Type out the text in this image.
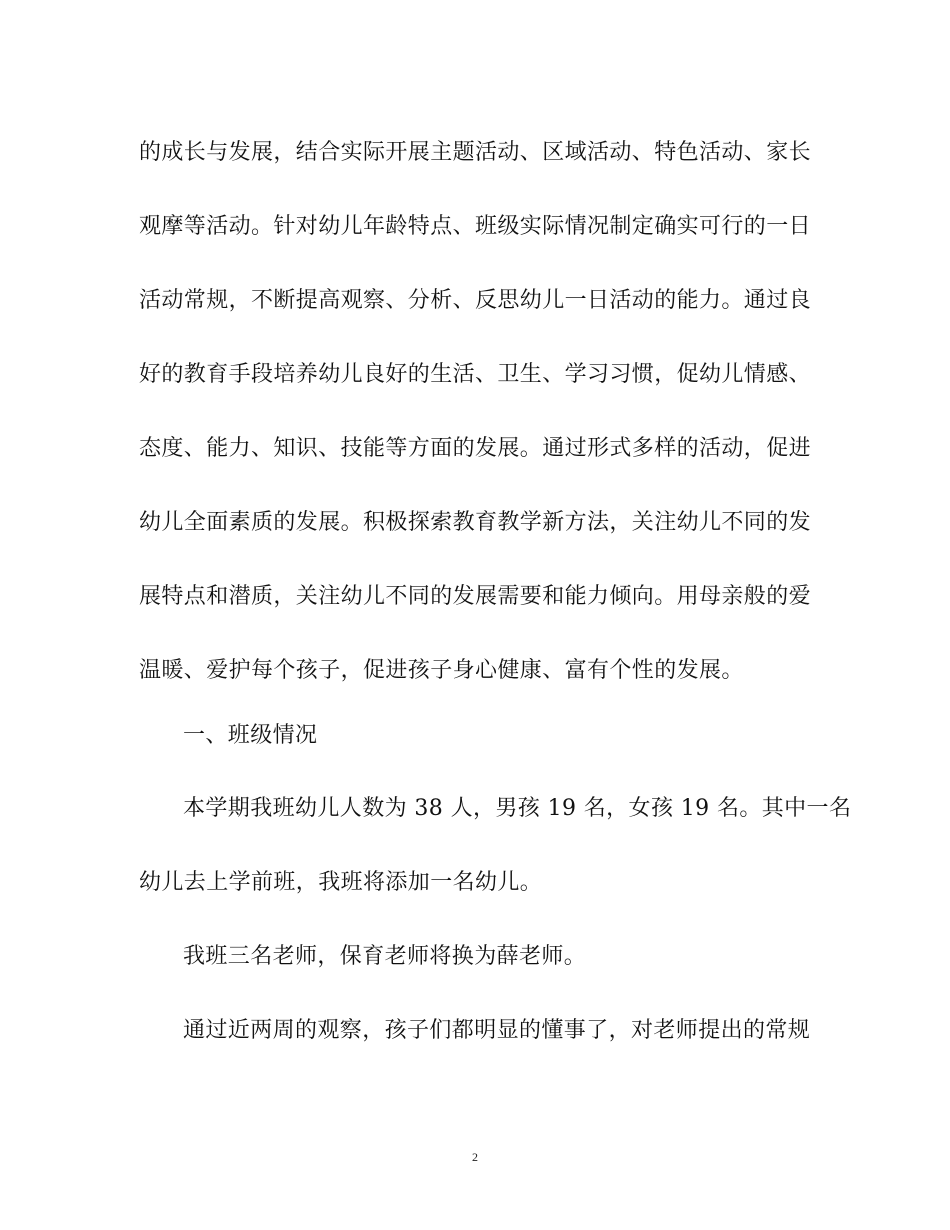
的成长与发展，结合实际开展主题活动、区域活动、特色活动、家长
观摩等活动。针对幼儿年龄特点、班级实际情况制定确实可行的一日
活动常规，不断提高观察、分析、反思幼儿一日活动的能力。通过良
好的教育手段培养幼儿良好的生活、卫生、学习习惯，促幼儿情感、
态度、能力、知识、技能等方面的发展。通过形式多样的活动，促进
幼儿全面素质的发展。积极探索教育教学新方法，关注幼儿不同的发
展特点和潜质，关注幼儿不同的发展需要和能力倾向。用母亲般的爱
温暖、爱护每个孩子，促进孩子身心健康、富有个性的发展。
一、班级情况
本学期我班幼儿人数为 38 人，男孩 19 名，女孩 19 名。其中一名
幼儿去上学前班，我班将添加一名幼儿。
我班三名老师，保育老师将换为薛老师。
通过近两周的观察，孩子们都明显的懂事了，对老师提出的常规
2
